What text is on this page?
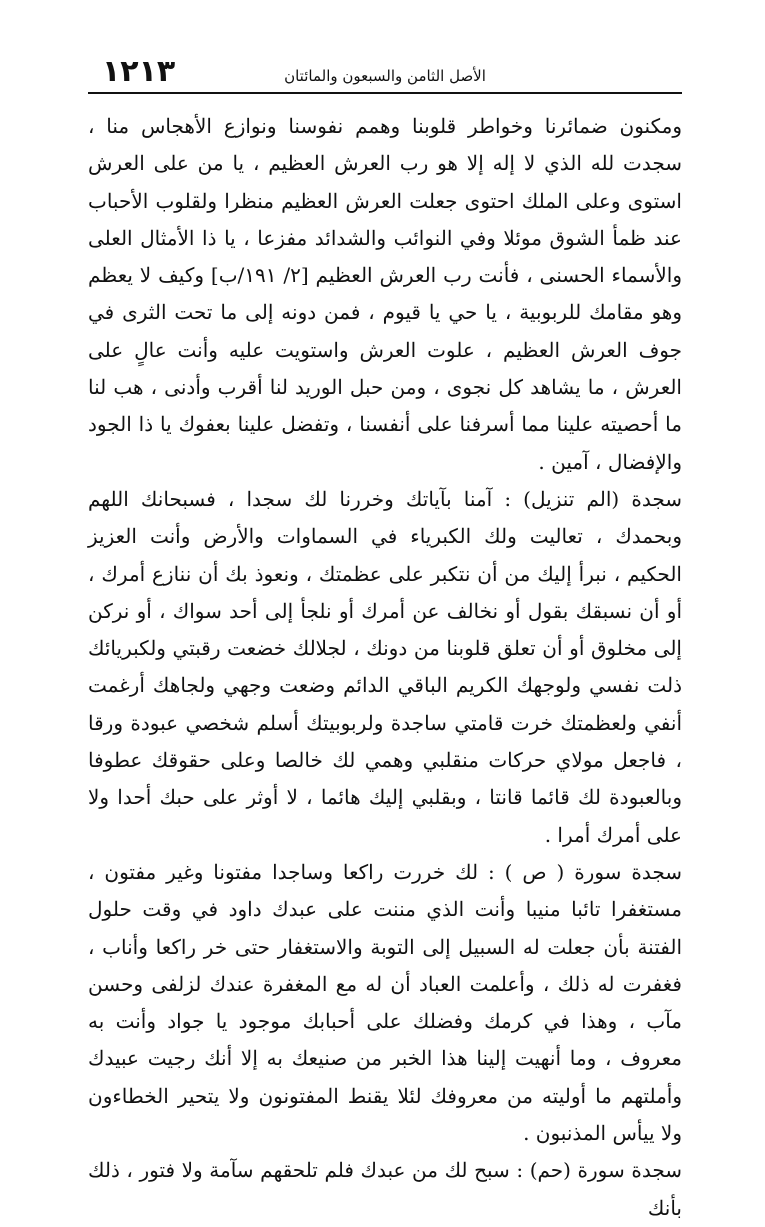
١٢١٣	الأصل الثامن والسبعون والمائتان

ومكنون ضمائرنا وخواطر قلوبنا وهمم نفوسنا ونوازع الأهجاس منا ، سجدت لله الذي لا إله إلا هو رب العرش العظيم ، يا من على العرش استوى وعلى الملك احتوى جعلت العرش العظيم منظرا ولقلوب الأحباب عند ظمأ الشوق موئلا وفي النوائب والشدائد مفزعا ، يا ذا الأمثال العلى والأسماء الحسنى ، فأنت رب العرش العظيم [٢/ ١٩١/ب] وكيف لا يعظم وهو مقامك للربوبية ، يا حي يا قيوم ، فمن دونه إلى ما تحت الثرى في جوف العرش العظيم ، علوت العرش واستويت عليه وأنت عالٍ على العرش ، ما يشاهد كل نجوى ، ومن حبل الوريد لنا أقرب وأدنى ، هب لنا ما أحصيته علينا مما أسرفنا على أنفسنا ، وتفضل علينا بعفوك يا ذا الجود والإفضال ، آمين .

سجدة (الم تنزيل) : آمنا بآياتك وخررنا لك سجدا ، فسبحانك اللهم وبحمدك ، تعاليت ولك الكبرياء في السماوات والأرض وأنت العزيز الحكيم ، نبرأ إليك من أن نتكبر على عظمتك ، ونعوذ بك أن ننازع أمرك ، أو أن نسبقك بقول أو نخالف عن أمرك أو نلجأ إلى أحد سواك ، أو نركن إلى مخلوق أو أن تعلق قلوبنا من دونك ، لجلالك خضعت رقبتي ولكبريائك ذلت نفسي ولوجهك الكريم الباقي الدائم وضعت وجهي ولجاهك أرغمت أنفي ولعظمتك خرت قامتي ساجدة ولربوبيتك أسلم شخصي عبودة ورقا ، فاجعل مولاي حركات منقلبي وهمي لك خالصا وعلى حقوقك عطوفا وبالعبودة لك قائما قانتا ، وبقلبي إليك هائما ، لا أوثر على حبك أحدا ولا على أمرك أمرا .

سجدة سورة ( ص ) : لك خررت راكعا وساجدا مفتونا وغير مفتون ، مستغفرا تائبا منيبا وأنت الذي مننت على عبدك داود في وقت حلول الفتنة بأن جعلت له السبيل إلى التوبة والاستغفار حتى خر راكعا وأناب ، فغفرت له ذلك ، وأعلمت العباد أن له مع المغفرة عندك لزلفى وحسن مآب ، وهذا في كرمك وفضلك على أحبابك موجود يا جواد وأنت به معروف ، وما أنهيت إلينا هذا الخبر من صنيعك به إلا أنك رجيت عبيدك وأملتهم ما أوليته من معروفك لئلا يقنط المفتونون ولا يتحير الخطاءون ولا ييأس المذنبون .

سجدة سورة (حم) : سبح لك من عبدك فلم تلحقهم سآمة ولا فتور ، ذلك بأنك
